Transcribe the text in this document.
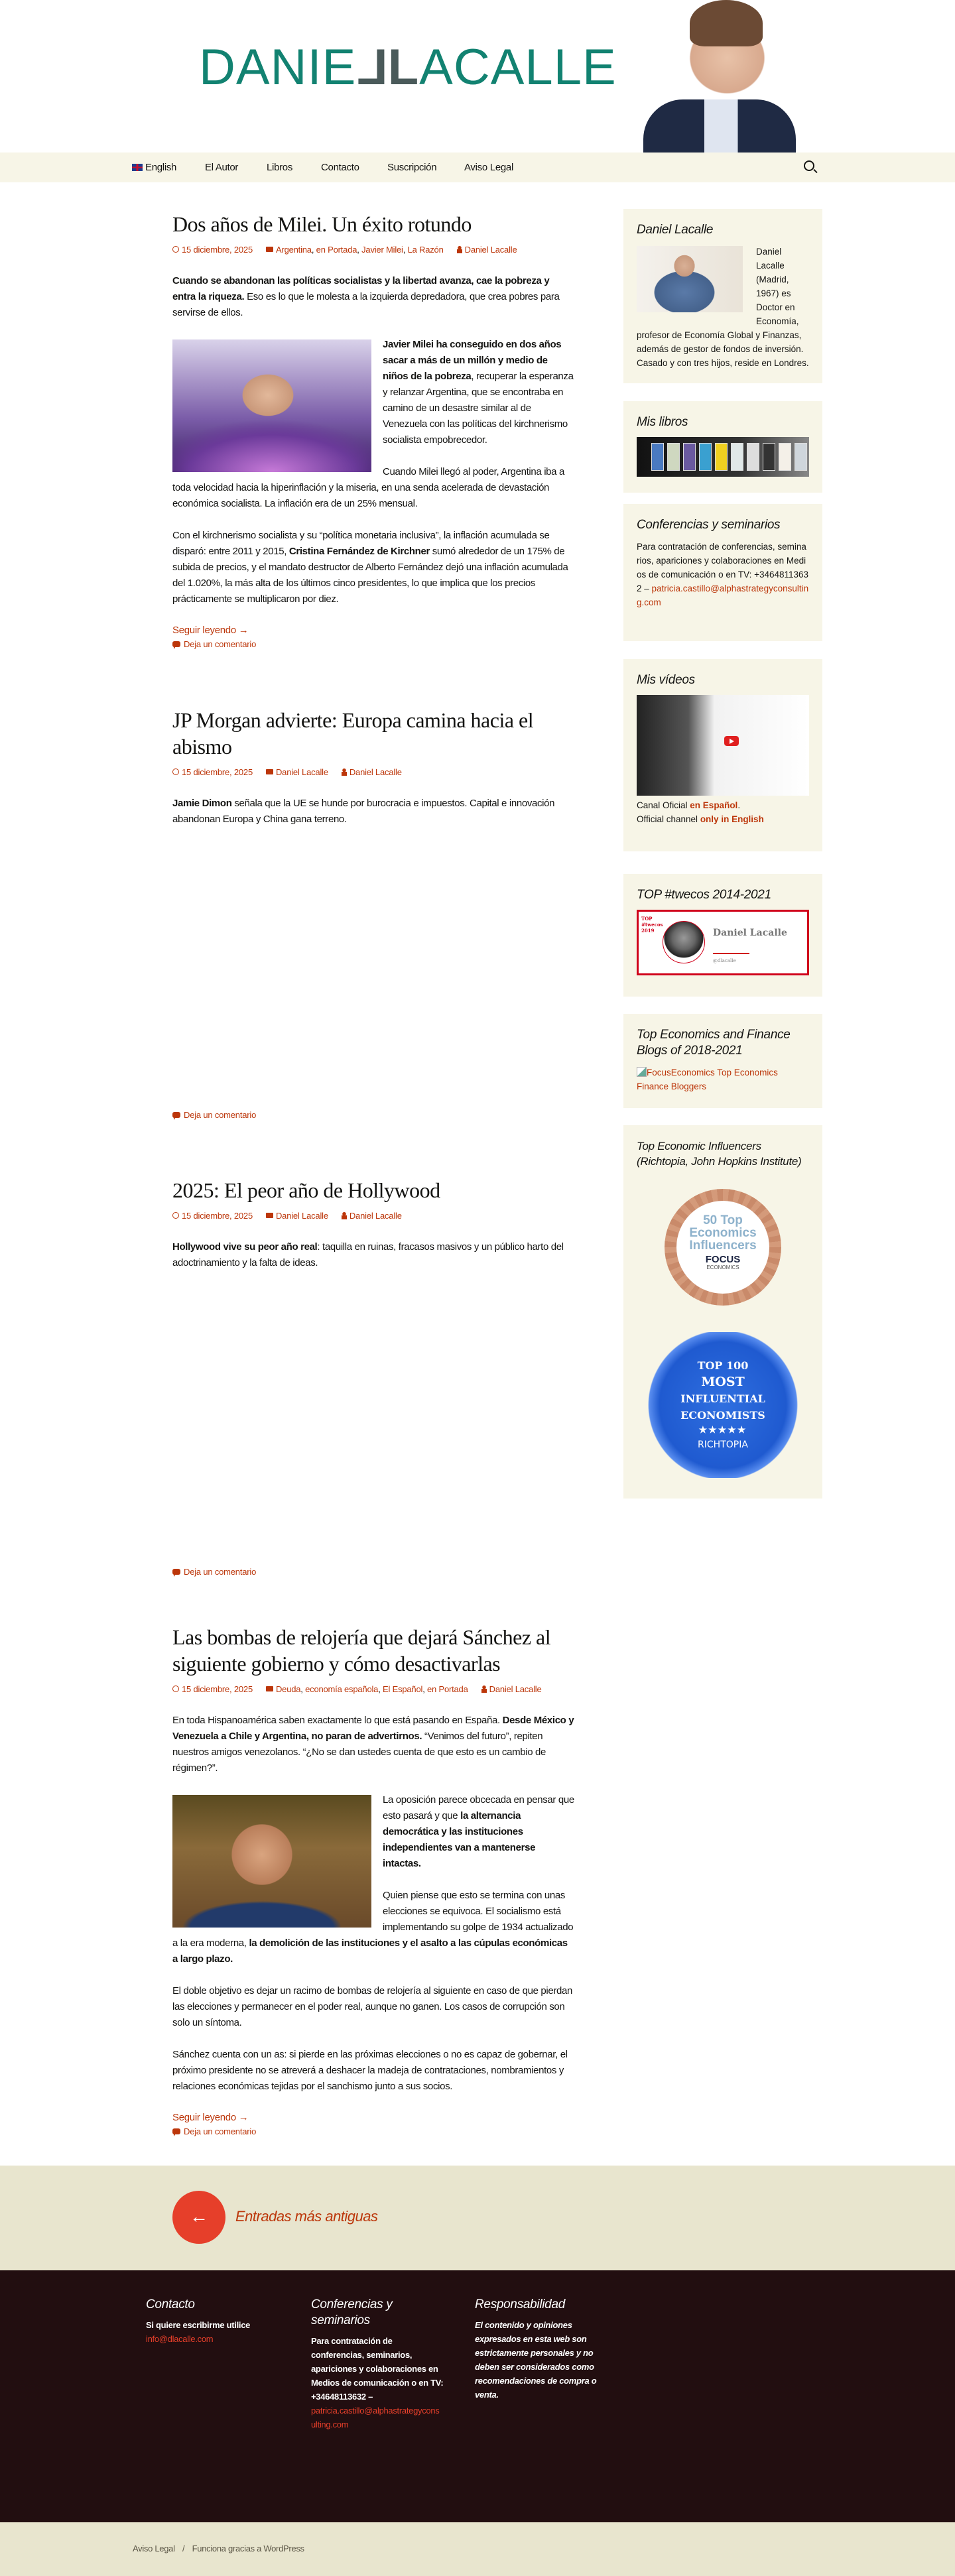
DANIELLACALLE
English	El Autor	Libros	Contacto	Suscripción	Aviso Legal
Dos años de Milei. Un éxito rotundo
15 diciembre, 2025	Argentina, en Portada, Javier Milei, La Razón Daniel Lacalle

Cuando se abandonan las políticas socialistas y la libertad avanza, cae la pobreza y entra la riqueza. Eso es lo que le molesta a la izquierda depredadora, que crea pobres para servirse de ellos.

Javier Milei ha conseguido en dos años sacar a más de un millón y medio de niños de la pobreza, recuperar la esperanza y relanzar Argentina, que se encontraba en camino de un desastre similar al de Venezuela con las políticas del kirchnerismo socialista empobrecedor.

Cuando Milei llegó al poder, Argentina iba a toda velocidad hacia la hiperinflación y la miseria, en una senda acelerada de devastación económica socialista. La inflación era de un 25% mensual.

Con el kirchnerismo socialista y su “política monetaria inclusiva”, la inflación acumulada se disparó: entre 2011 y 2015, Cristina Fernández de Kirchner sumó alrededor de un 175% de subida de precios, y el mandato destructor de Alberto Fernández dejó una inflación acumulada del 1.020%, la más alta de los últimos cinco presidentes, lo que implica que los precios prácticamente se multiplicaron por diez.

Seguir leyendo →
Deja un comentario
JP Morgan advierte: Europa camina hacia el abismo
15 diciembre, 2025	Daniel Lacalle Daniel Lacalle

Jamie Dimon señala que la UE se hunde por burocracia e impuestos. Capital e innovación abandonan Europa y China gana terreno.

Deja un comentario
2025: El peor año de Hollywood
15 diciembre, 2025	Daniel Lacalle Daniel Lacalle

Hollywood vive su peor año real: taquilla en ruinas, fracasos masivos y un público harto del adoctrinamiento y la falta de ideas.

Deja un comentario
Las bombas de relojería que dejará Sánchez al siguiente gobierno y cómo desactivarlas
15 diciembre, 2025	Deuda, economía española, El Español, en Portada Daniel Lacalle

En toda Hispanoamérica saben exactamente lo que está pasando en España. Desde México y Venezuela a Chile y Argentina, no paran de advertirnos. “Venimos del futuro”, repiten nuestros amigos venezolanos. “¿No se dan ustedes cuenta de que esto es un cambio de régimen?”.

La oposición parece obcecada en pensar que esto pasará y que la alternancia democrática y las instituciones independientes van a mantenerse intactas.

Quien piense que esto se termina con unas elecciones se equivoca. El socialismo está implementando su golpe de 1934 actualizado a la era moderna, la demolición de las instituciones y el asalto a las cúpulas económicas a largo plazo.

El doble objetivo es dejar un racimo de bombas de relojería al siguiente en caso de que pierdan las elecciones y permanecer en el poder real, aunque no ganen. Los casos de corrupción son solo un síntoma.

Sánchez cuenta con un as: si pierde en las próximas elecciones o no es capaz de gobernar, el próximo presidente no se atreverá a deshacer la madeja de contrataciones, nombramientos y relaciones económicas tejidas por el sanchismo junto a sus socios.

Seguir leyendo →
Deja un comentario
Daniel Lacalle

Daniel Lacalle (Madrid, 1967) es Doctor en Economía, profesor de Economía Global y Finanzas, además de gestor de fondos de inversión. Casado y con tres hijos, reside en Londres.

Mis libros
Conferencias y seminarios

Para contratación de conferencias, seminarios, apariciones y colaboraciones en Medios de comunicación o en TV: +34648113632 – patricia.castillo@alphastrategyconsulting.com

Mis vídeos

Canal Oficial en Español.
Official channel only in English

TOP #twecos 2014-2021
TOP #twecos 2019	Daniel Lacalle
@dlacalle
Top Economics and Finance Blogs of 2018-2021
FocusEconomics Top Economics Finance Bloggers
Top Economic Influencers (Richtopia, John Hopkins Institute)
50 Top
Economics
Influencers
FOCUS
ECONOMICS
TOP 100
MOST
INFLUENTIAL
ECONOMISTS
★★★★★
RICHTOPIA
←	Entradas más antiguas
Contacto
Si quiere escribirme utilice
info@dlacalle.com
Conferencias y seminarios
Para contratación de conferencias, seminarios, apariciones y colaboraciones en Medios de comunicación o en TV: +34648113632 –
patricia.castillo@alphastrategyconsulting.com
Responsabilidad
El contenido y opiniones expresados en esta web son estrictamente personales y no deben ser considerados como recomendaciones de compra o venta.
Aviso Legal / Funciona gracias a WordPress
